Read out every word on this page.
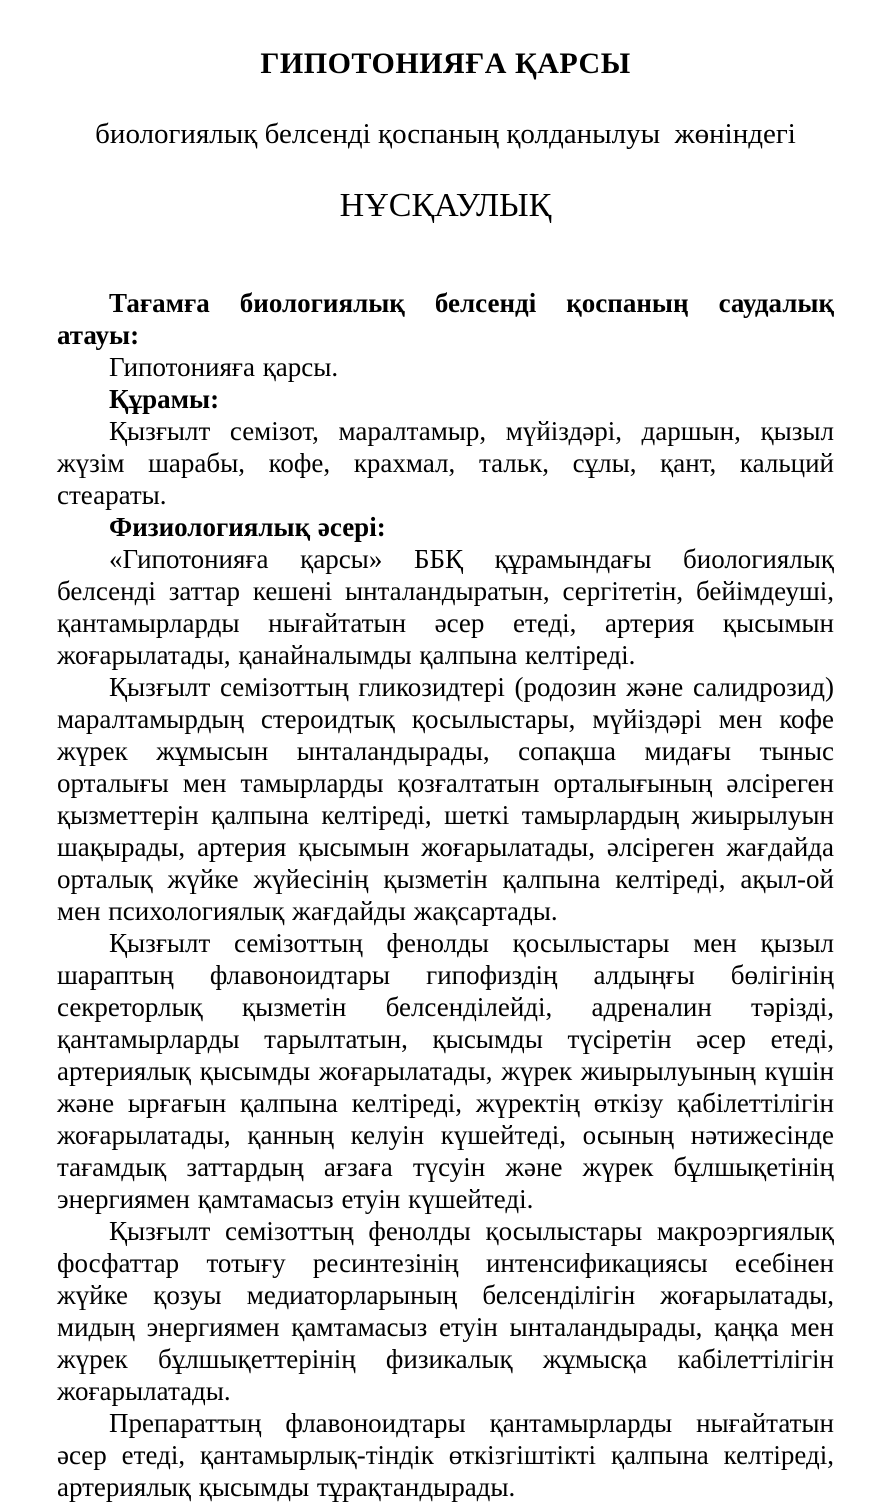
ГИПОТОНИЯҒА ҚАРСЫ

биологиялық белсенді қоспаның қолданылуы  жөніндегі

НҰСҚАУЛЫҚ

Тағамға биологиялық белсенді қоспаның саудалық атауы:

Гипотонияға қарсы.

Құрамы:

Қызғылт семізот, маралтамыр, мүйіздәрі, даршын, қызыл жүзім шарабы, кофе, крахмал, тальк, сұлы, қант, кальций стеараты.

Физиологиялық әсері:

«Гипотонияға қарсы» ББҚ құрамындағы биологиялық белсенді заттар кешені ынталандыратын, сергітетін, бейімдеуші, қантамырларды нығайтатын әсер етеді, артерия қысымын жоғарылатады, қанайналымды қалпына келтіреді.

Қызғылт семізоттың гликозидтері (родозин және салидрозид) маралтамырдың стероидтық қосылыстары, мүйіздәрі мен кофе жүрек жұмысын ынталандырады, сопақша мидағы тыныс орталығы мен тамырларды қозғалтатын орталығының әлсіреген қызметтерін қалпына келтіреді, шеткі тамырлардың жиырылуын шақырады, артерия қысымын жоғарылатады, әлсіреген жағдайда орталық жүйке жүйесінің қызметін қалпына келтіреді, ақыл-ой мен психологиялық жағдайды жақсартады.

Қызғылт семізоттың фенолды қосылыстары мен қызыл шараптың флавоноидтары гипофиздің алдыңғы бөлігінің секреторлық қызметін белсенділейді, адреналин тәрізді, қантамырларды тарылтатын, қысымды түсіретін әсер етеді, артериялық қысымды жоғарылатады, жүрек жиырылуының күшін және ырғағын қалпына келтіреді, жүректің өткізу қабілеттілігін жоғарылатады, қанның келуін күшейтеді, осының нәтижесінде тағамдық заттардың ағзаға түсуін және жүрек бұлшықетінің энергиямен қамтамасыз етуін күшейтеді.

Қызғылт семізоттың фенолды қосылыстары макроэргиялық фосфаттар тотығу ресинтезінің интенсификациясы есебінен жүйке қозуы медиаторларының белсенділігін жоғарылатады, мидың энергиямен қамтамасыз етуін ынталандырады, қаңқа мен жүрек бұлшықеттерінің физикалық жұмысқа кабілеттілігін жоғарылатады.

Препараттың флавоноидтары қантамырларды нығайтатын әсер етеді, қантамырлық-тіндік өткізгіштікті қалпына келтіреді, артериялық қысымды тұрақтандырады.
